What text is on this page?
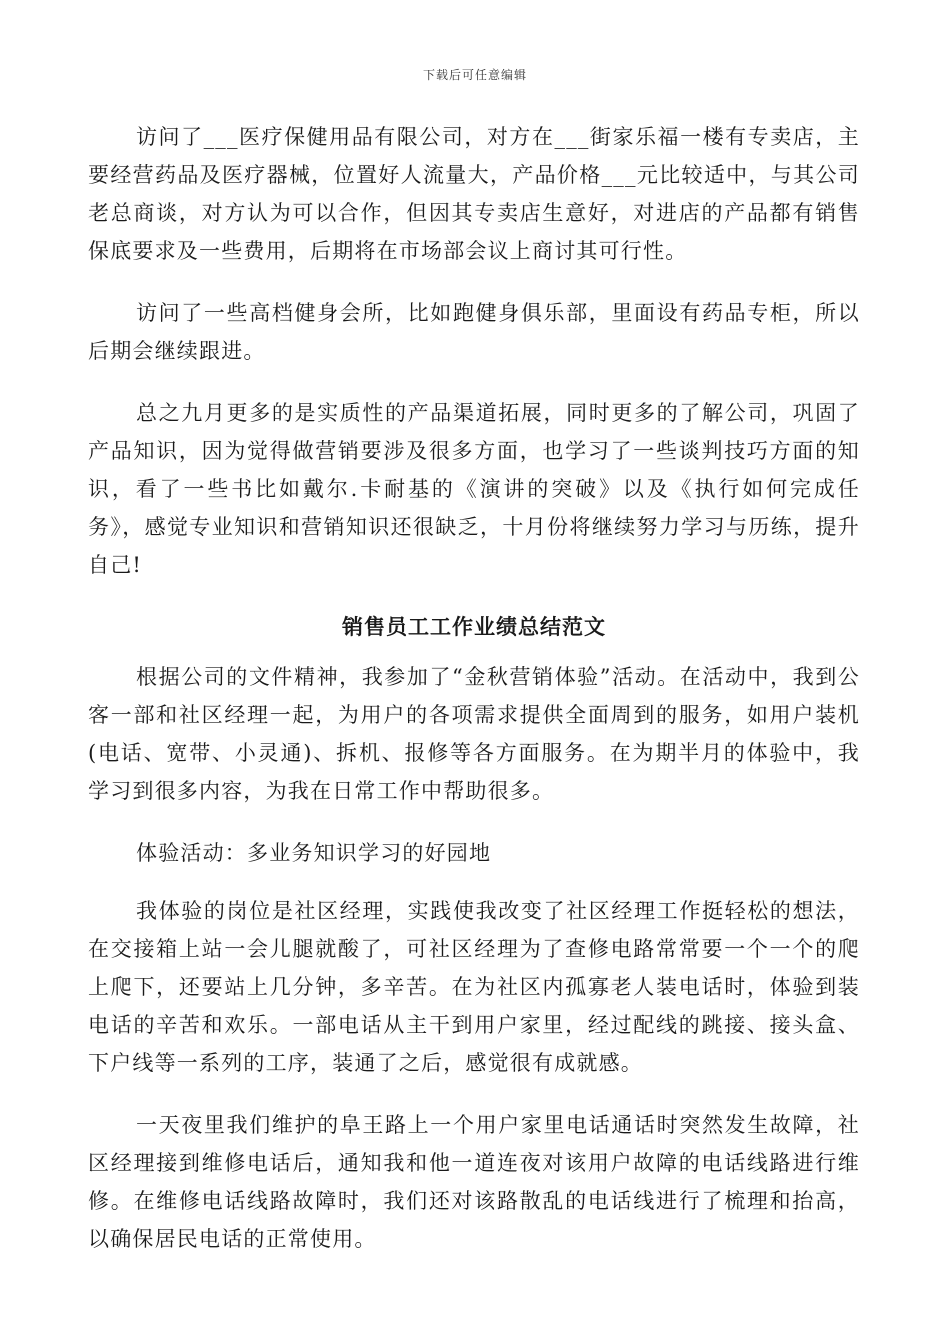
下载后可任意编辑

访问了___医疗保健用品有限公司，对方在___街家乐福一楼有专卖店，主要经营药品及医疗器械，位置好人流量大，产品价格___元比较适中，与其公司老总商谈，对方认为可以合作，但因其专卖店生意好，对进店的产品都有销售保底要求及一些费用，后期将在市场部会议上商讨其可行性。

访问了一些高档健身会所，比如跑健身俱乐部，里面设有药品专柜，所以后期会继续跟进。

总之九月更多的是实质性的产品渠道拓展，同时更多的了解公司，巩固了产品知识，因为觉得做营销要涉及很多方面，也学习了一些谈判技巧方面的知识，看了一些书比如戴尔.卡耐基的《演讲的突破》以及《执行如何完成任务》，感觉专业知识和营销知识还很缺乏，十月份将继续努力学习与历练，提升自己!

销售员工工作业绩总结范文

根据公司的文件精神，我参加了“金秋营销体验”活动。在活动中，我到公客一部和社区经理一起，为用户的各项需求提供全面周到的服务，如用户装机(电话、宽带、小灵通)、拆机、报修等各方面服务。在为期半月的体验中，我学习到很多内容，为我在日常工作中帮助很多。

体验活动：多业务知识学习的好园地

我体验的岗位是社区经理，实践使我改变了社区经理工作挺轻松的想法，在交接箱上站一会儿腿就酸了，可社区经理为了查修电路常常要一个一个的爬上爬下，还要站上几分钟，多辛苦。在为社区内孤寡老人装电话时，体验到装电话的辛苦和欢乐。一部电话从主干到用户家里，经过配线的跳接、接头盒、下户线等一系列的工序，装通了之后，感觉很有成就感。

一天夜里我们维护的阜王路上一个用户家里电话通话时突然发生故障，社区经理接到维修电话后，通知我和他一道连夜对该用户故障的电话线路进行维修。在维修电话线路故障时，我们还对该路散乱的电话线进行了梳理和抬高，以确保居民电话的正常使用。
